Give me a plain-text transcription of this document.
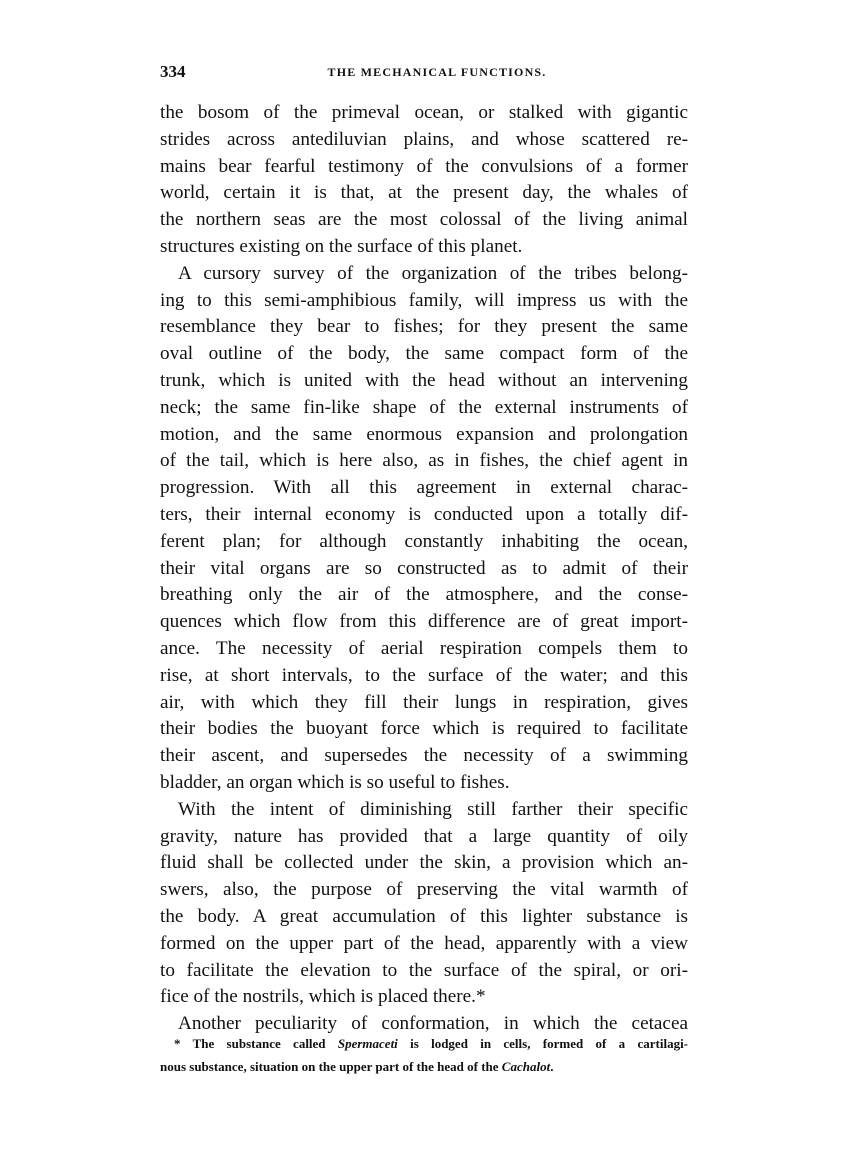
334	THE MECHANICAL FUNCTIONS.
the bosom of the primeval ocean, or stalked with gigantic
strides across antediluvian plains, and whose scattered re-
mains bear fearful testimony of the convulsions of a former
world, certain it is that, at the present day, the whales of
the northern seas are the most colossal of the living animal
structures existing on the surface of this planet.
A cursory survey of the organization of the tribes belong-
ing to this semi-amphibious family, will impress us with the
resemblance they bear to fishes; for they present the same
oval outline of the body, the same compact form of the
trunk, which is united with the head without an intervening
neck; the same fin-like shape of the external instruments of
motion, and the same enormous expansion and prolongation
of the tail, which is here also, as in fishes, the chief agent in
progression. With all this agreement in external charac-
ters, their internal economy is conducted upon a totally dif-
ferent plan; for although constantly inhabiting the ocean,
their vital organs are so constructed as to admit of their
breathing only the air of the atmosphere, and the conse-
quences which flow from this difference are of great import-
ance. The necessity of aerial respiration compels them to
rise, at short intervals, to the surface of the water; and this
air, with which they fill their lungs in respiration, gives
their bodies the buoyant force which is required to facilitate
their ascent, and supersedes the necessity of a swimming
bladder, an organ which is so useful to fishes.
With the intent of diminishing still farther their specific
gravity, nature has provided that a large quantity of oily
fluid shall be collected under the skin, a provision which an-
swers, also, the purpose of preserving the vital warmth of
the body. A great accumulation of this lighter substance is
formed on the upper part of the head, apparently with a view
to facilitate the elevation to the surface of the spiral, or ori-
fice of the nostrils, which is placed there.*
Another peculiarity of conformation, in which the cetacea
* The substance called Spermaceti is lodged in cells, formed of a cartilagi-
nous substance, situation on the upper part of the head of the Cachalot.
